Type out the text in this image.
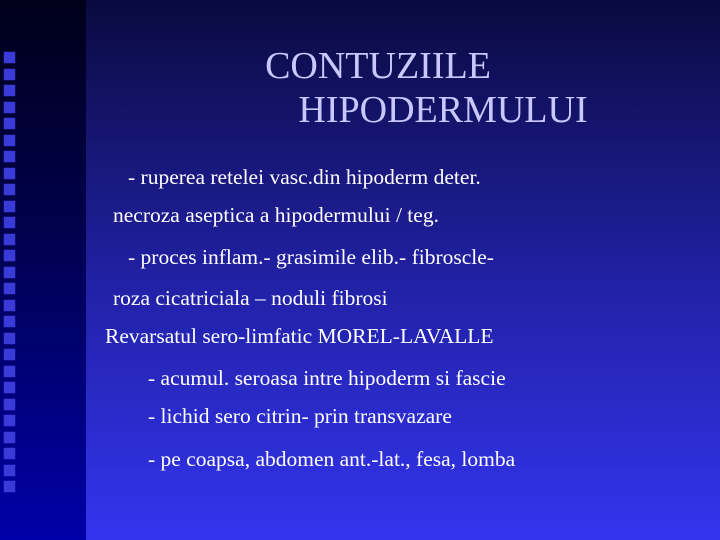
CONTUZIILE
HIPODERMULUI
- ruperea retelei vasc.din hipoderm deter.
necroza aseptica a hipodermului / teg.
- proces inflam.- grasimile elib.- fibroscle-
roza cicatriciala – noduli fibrosi
Revarsatul sero-limfatic MOREL-LAVALLE
- acumul. seroasa intre hipoderm si fascie
- lichid sero citrin- prin transvazare
- pe coapsa, abdomen ant.-lat., fesa, lomba
